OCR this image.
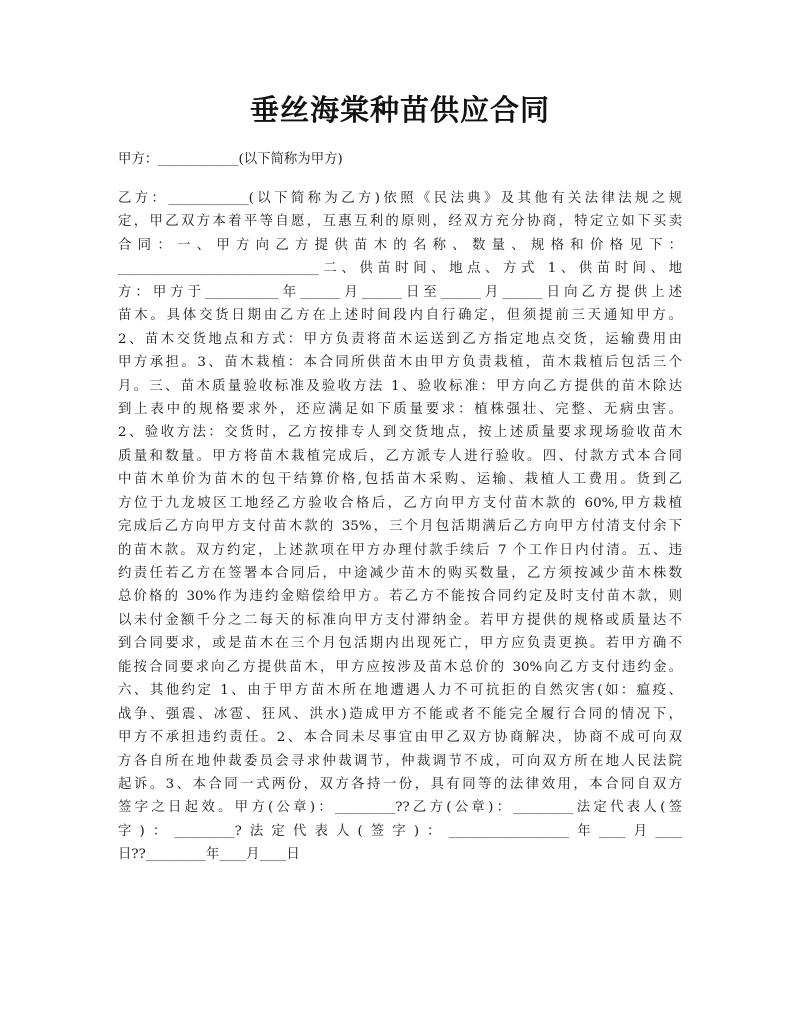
垂丝海棠种苗供应合同

甲方：____________(以下简称为甲方)

乙方：____________(以下简称为乙方)依照《民法典》及其他有关法律法规之规
定，甲乙双方本着平等自愿，互惠互利的原则，经双方充分协商，特定立如下买卖
合同：一、甲方向乙方提供苗木的名称、数量、规格和价格见下：
______________________________二、供苗时间、地点、方式 1、供苗时间、地
方：甲方于___________年______月______日至______月______日向乙方提供上述
苗木。具体交货日期由乙方在上述时间段内自行确定，但须提前三天通知甲方。
2、苗木交货地点和方式：甲方负责将苗木运送到乙方指定地点交货，运输费用由
甲方承担。3、苗木栽植：本合同所供苗木由甲方负责栽植，苗木栽植后包活三个
月。三、苗木质量验收标准及验收方法 1、验收标准：甲方向乙方提供的苗木除达
到上表中的规格要求外，还应满足如下质量要求：植株强壮、完整、无病虫害。
2、验收方法：交货时，乙方按排专人到交货地点，按上述质量要求现场验收苗木
质量和数量。甲方将苗木栽植完成后，乙方派专人进行验收。四、付款方式本合同
中苗木单价为苗木的包干结算价格,包括苗木采购、运输、栽植人工费用。货到乙
方位于九龙坡区工地经乙方验收合格后，乙方向甲方支付苗木款的 60%,甲方栽植
完成后乙方向甲方支付苗木款的 35%，三个月包活期满后乙方向甲方付清支付余下
的苗木款。双方约定，上述款项在甲方办理付款手续后 7 个工作日内付清。五、违
约责任若乙方在签署本合同后，中途减少苗木的购买数量，乙方须按减少苗木株数
总价格的 30%作为违约金赔偿给甲方。若乙方不能按合同约定及时支付苗木款，则
以未付金额千分之二每天的标准向甲方支付滞纳金。若甲方提供的规格或质量达不
到合同要求，或是苗木在三个月包活期内出现死亡，甲方应负责更换。若甲方确不
能按合同要求向乙方提供苗木，甲方应按涉及苗木总价的 30%向乙方支付违约金。
六、其他约定 1、由于甲方苗木所在地遭遇人力不可抗拒的自然灾害(如：瘟疫、
战争、强震、冰雹、狂风、洪水)造成甲方不能或者不能完全履行合同的情况下，
甲方不承担违约责任。2、本合同未尽事宜由甲乙双方协商解决，协商不成可向双
方各自所在地仲裁委员会寻求仲裁调节，仲裁调节不成，可向双方所在地人民法院
起诉。3、本合同一式两份，双方各持一份，具有同等的法律效用，本合同自双方
签字之日起效。甲方(公章)：_________??乙方(公章)：_________法定代表人(签
字)：_________?法定代表人(签字)：__________________年____月____
日??_________年____月____日
